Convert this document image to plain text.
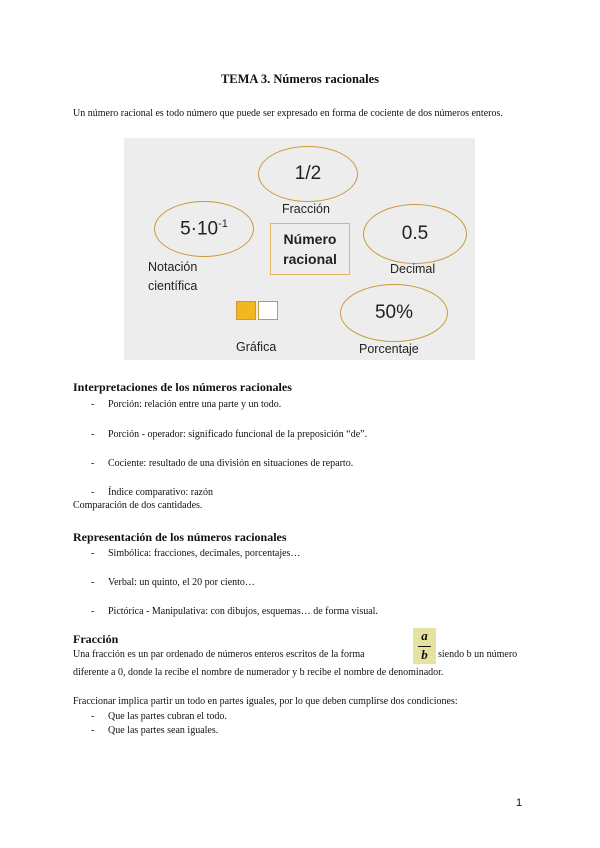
TEMA 3. Números racionales
Un número racional es todo número que puede ser expresado en forma de cociente de dos números enteros.
1/2
Fracción
$5\cdot 10^{-1}$
Notación
científica
Número
racional
0.5
Decimal
50%
Porcentaje
Gráfica
Interpretaciones de los números racionales
- Porción: relación entre una parte y un todo.
- Porción - operador: significado funcional de la preposición “de”.
- Cociente: resultado de una división en situaciones de reparto.
- Índice comparativo: razón
Comparación de dos cantidades.
Representación de los números racionales
- Simbólica: fracciones, decimales, porcentajes…
- Verbal: un quinto, el 20 por ciento…
- Pictórica - Manipulativa: con dibujos, esquemas… de forma visual.
Fracción
Una fracción es un par ordenado de números enteros escritos de la forma
a
b	siendo b un número
diferente a 0, donde la recibe el nombre de numerador y b recibe el nombre de denominador.
Fraccionar implica partir un todo en partes iguales, por lo que deben cumplirse dos condiciones:
- Que las partes cubran el todo.
- Que las partes sean iguales.
1
